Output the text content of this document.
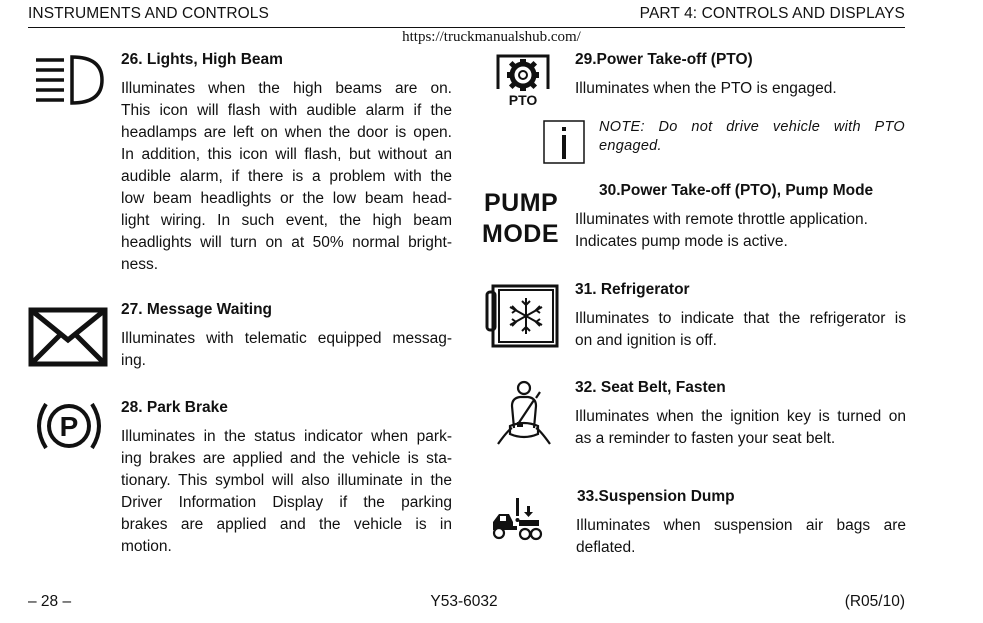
INSTRUMENTS AND CONTROLS	PART 4: CONTROLS AND DISPLAYS
https://truckmanualshub.com/
26. Lights, High Beam
Illuminates when the high beams are on.
This icon will flash with audible alarm if the
headlamps are left on when the door is open.
In addition, this icon will flash, but without an
audible alarm, if there is a problem with the
low beam headlights or the low beam head-
light wiring. In such event, the high beam
headlights will turn on at 50% normal bright-
ness.
27. Message Waiting
Illuminates with telematic equipped messag-
ing.
P
28. Park Brake
Illuminates in the status indicator when park-
ing brakes are applied and the vehicle is sta-
tionary. This symbol will also illuminate in the
Driver Information Display if the parking
brakes are applied and the vehicle is in
motion.
PTO
29.Power Take-off (PTO)
Illuminates when the PTO is engaged.
NOTE: Do not drive vehicle with PTO
engaged.
PUMP
MODE
30.Power Take-off (PTO), Pump Mode
Illuminates with remote throttle application.
Indicates pump mode is active.
31. Refrigerator
Illuminates to indicate that the refrigerator is
on and ignition is off.
32. Seat Belt, Fasten
Illuminates when the ignition key is turned on
as a reminder to fasten your seat belt.
33.Suspension Dump
Illuminates when suspension air bags are
deflated.
– 28 –	Y53-6032	(R05/10)
